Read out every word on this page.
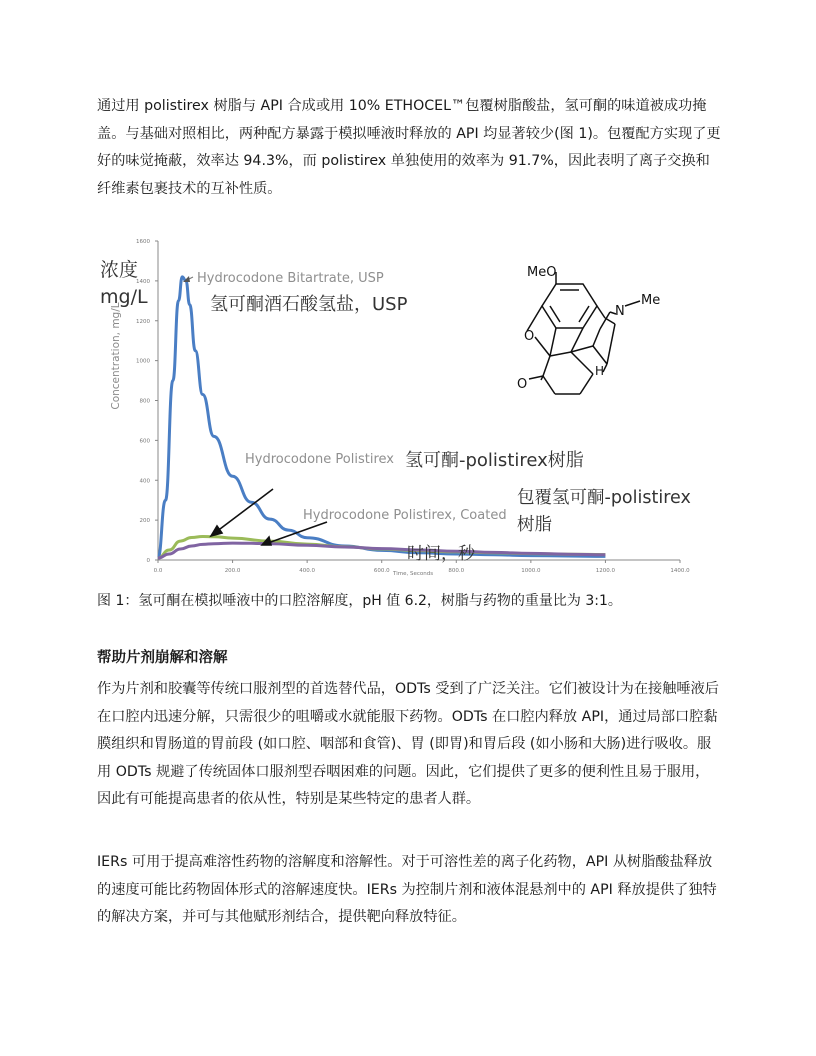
通过用 polistirex 树脂与 API 合成或用 10% ETHOCEL™包覆树脂酸盐，氢可酮的味道被成功掩盖。与基础对照相比，两种配方暴露于模拟唾液时释放的 API 均显著较少(图 1)。包覆配方实现了更好的味觉掩蔽，效率达 94.3%，而 polistirex 单独使用的效率为 91.7%，因此表明了离子交换和纤维素包裹技术的互补性质。

0
200
400
600
800
1000
1200
1400
1600
0.0	200.0	400.0	600.0	800.0	1000.0	1200.0	1400.0
Concentration, mg/L
浓度
mg/L
Hydrocodone Bitartrate, USP
氢可酮酒石酸氢盐，USP
Hydrocodone Polistirex 氢可酮-polistirex树脂
Hydrocodone Polistirex, Coated
包覆氢可酮-polistirex
树脂
时间，秒
MeO
O
O
N
Me
H
Time, Seconds

图 1：氢可酮在模拟唾液中的口腔溶解度，pH 值 6.2，树脂与药物的重量比为 3:1。

帮助片剂崩解和溶解

作为片剂和胶囊等传统口服剂型的首选替代品，ODTs 受到了广泛关注。它们被设计为在接触唾液后在口腔内迅速分解，只需很少的咀嚼或水就能服下药物。ODTs 在口腔内释放 API，通过局部口腔黏膜组织和胃肠道的胃前段 (如口腔、咽部和食管)、胃 (即胃)和胃后段 (如小肠和大肠)进行吸收。服用 ODTs 规避了传统固体口服剂型吞咽困难的问题。因此，它们提供了更多的便利性且易于服用，因此有可能提高患者的依从性，特别是某些特定的患者人群。

IERs 可用于提高难溶性药物的溶解度和溶解性。对于可溶性差的离子化药物，API 从树脂酸盐释放的速度可能比药物固体形式的溶解速度快。IERs 为控制片剂和液体混悬剂中的 API 释放提供了独特的解决方案，并可与其他赋形剂结合，提供靶向释放特征。
